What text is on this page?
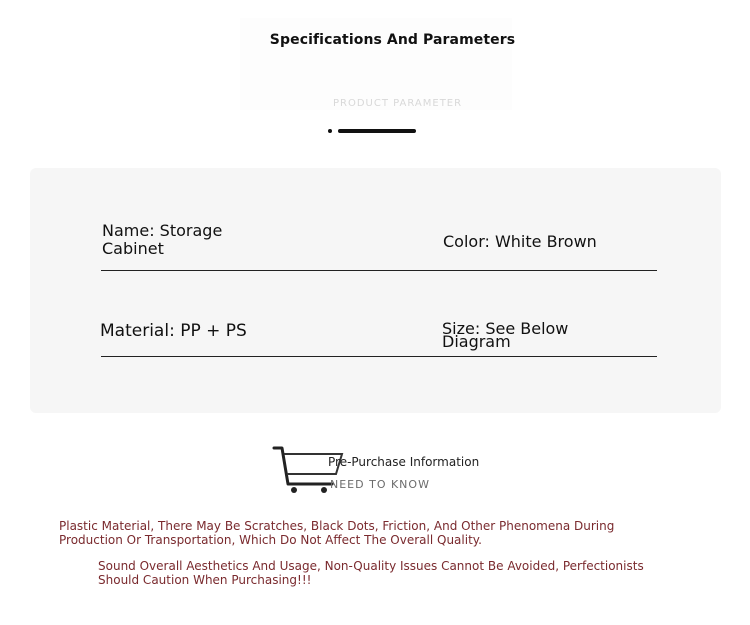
Specifications And Parameters
PRODUCT PARAMETER
Name: Storage Cabinet	Color: White Brown
Material: PP + PS	Size: See Below Diagram
NEED TO KNOW
Pre-Purchase Information
Plastic Material, There May Be Scratches, Black Dots, Friction, And Other Phenomena During Production Or Transportation, Which Do Not Affect The Overall Quality.
Sound Overall Aesthetics And Usage, Non-Quality Issues Cannot Be Avoided, Perfectionists Should Caution When Purchasing!!!
